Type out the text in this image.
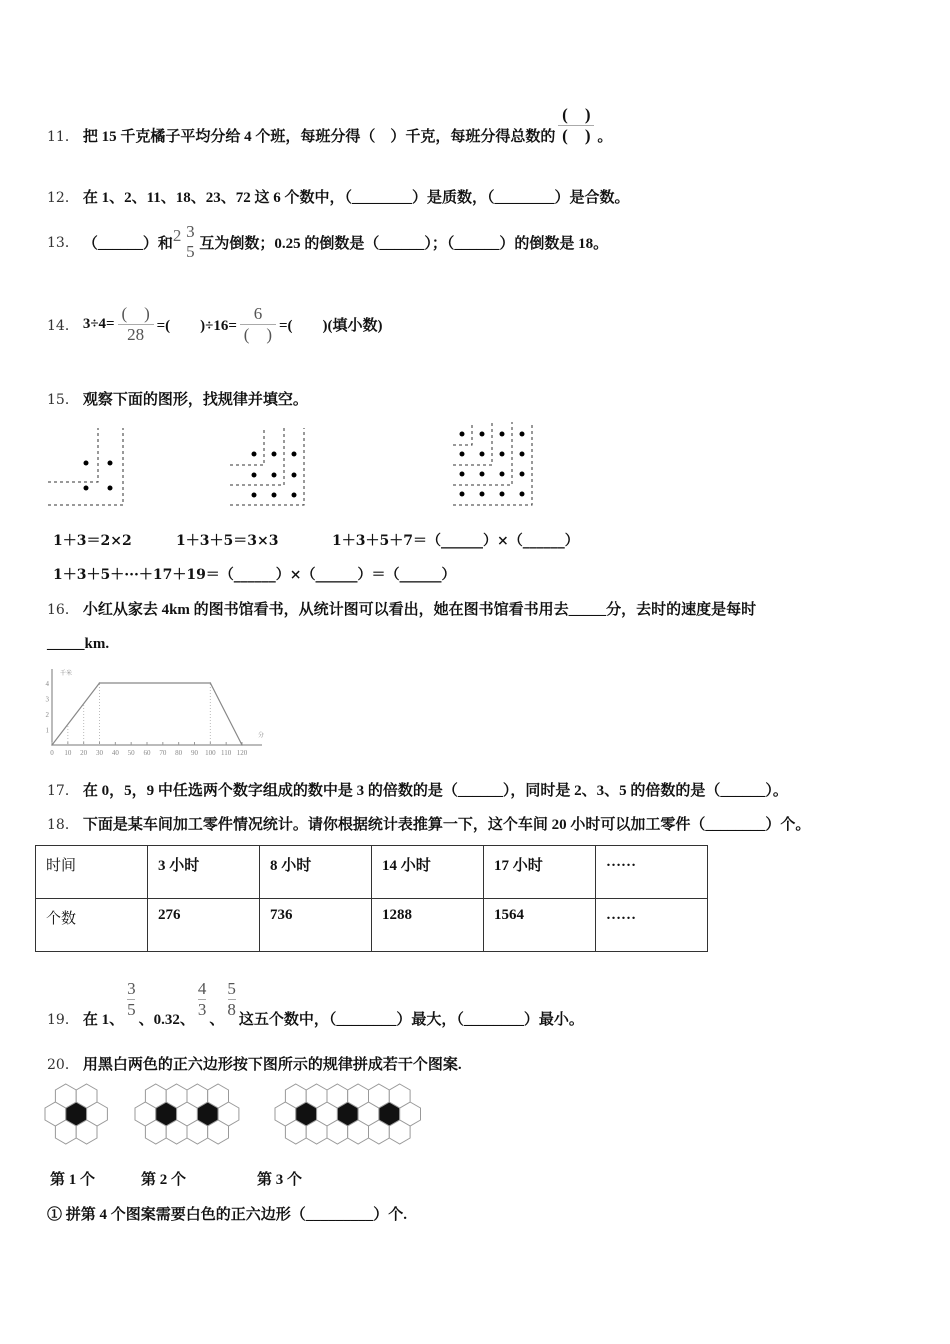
11． 把 15 千克橘子平均分给 4 个班，每班分得（　）千克，每班分得总数的 $\frac{( )}{( )}$ 。
12． 在 1、2、11、18、23、72 这 6 个数中，（________）是质数，（________）是合数。
13． （______）和 2 3
5 互为倒数；0.25 的倒数是（______）；（______）的倒数是 18。
14． $3\div 4= \frac{( )}{28}$ =(　　)$\div 16= \frac{6}{( )}$ =(　　)(填小数)
15． 观察下面的图形，找规律并填空。
1＋3＝2×2	1＋3＋5＝3×3	1＋3＋5＋7＝（______）×（______）
1＋3＋5＋···＋17＋19＝（______）×（______）＝（______）
16． 小红从家去 4km 的图书馆看书，从统计图可以看出，她在图书馆看书用去_____分，去时的速度是每时
_____km.
千米
分
0 10 20 30 40 50 60 70 80 90 100 110 120
1
2
3
4
17． 在 0，5，9 中任选两个数字组成的数中是 3 的倍数的是（______），同时是 2、3、5 的倍数的是（______）。
18． 下面是某车间加工零件情况统计。请你根据统计表推算一下，这个车间 20 小时可以加工零件（________）个。
时间	3 小时	8 小时	14 小时	17 小时	……
个数	276	736	1288	1564	……
19． 在 1、 $\frac{3}{5}$ 、0.32、 $\frac{4}{3}$ 、 $\frac{5}{8}$ 这五个数中，（________）最大，（________）最小。
20． 用黑白两色的正六边形按下图所示的规律拼成若干个图案.
第 1 个	第 2 个	第 3 个
① 拼第 4 个图案需要白色的正六边形（_________）个.
